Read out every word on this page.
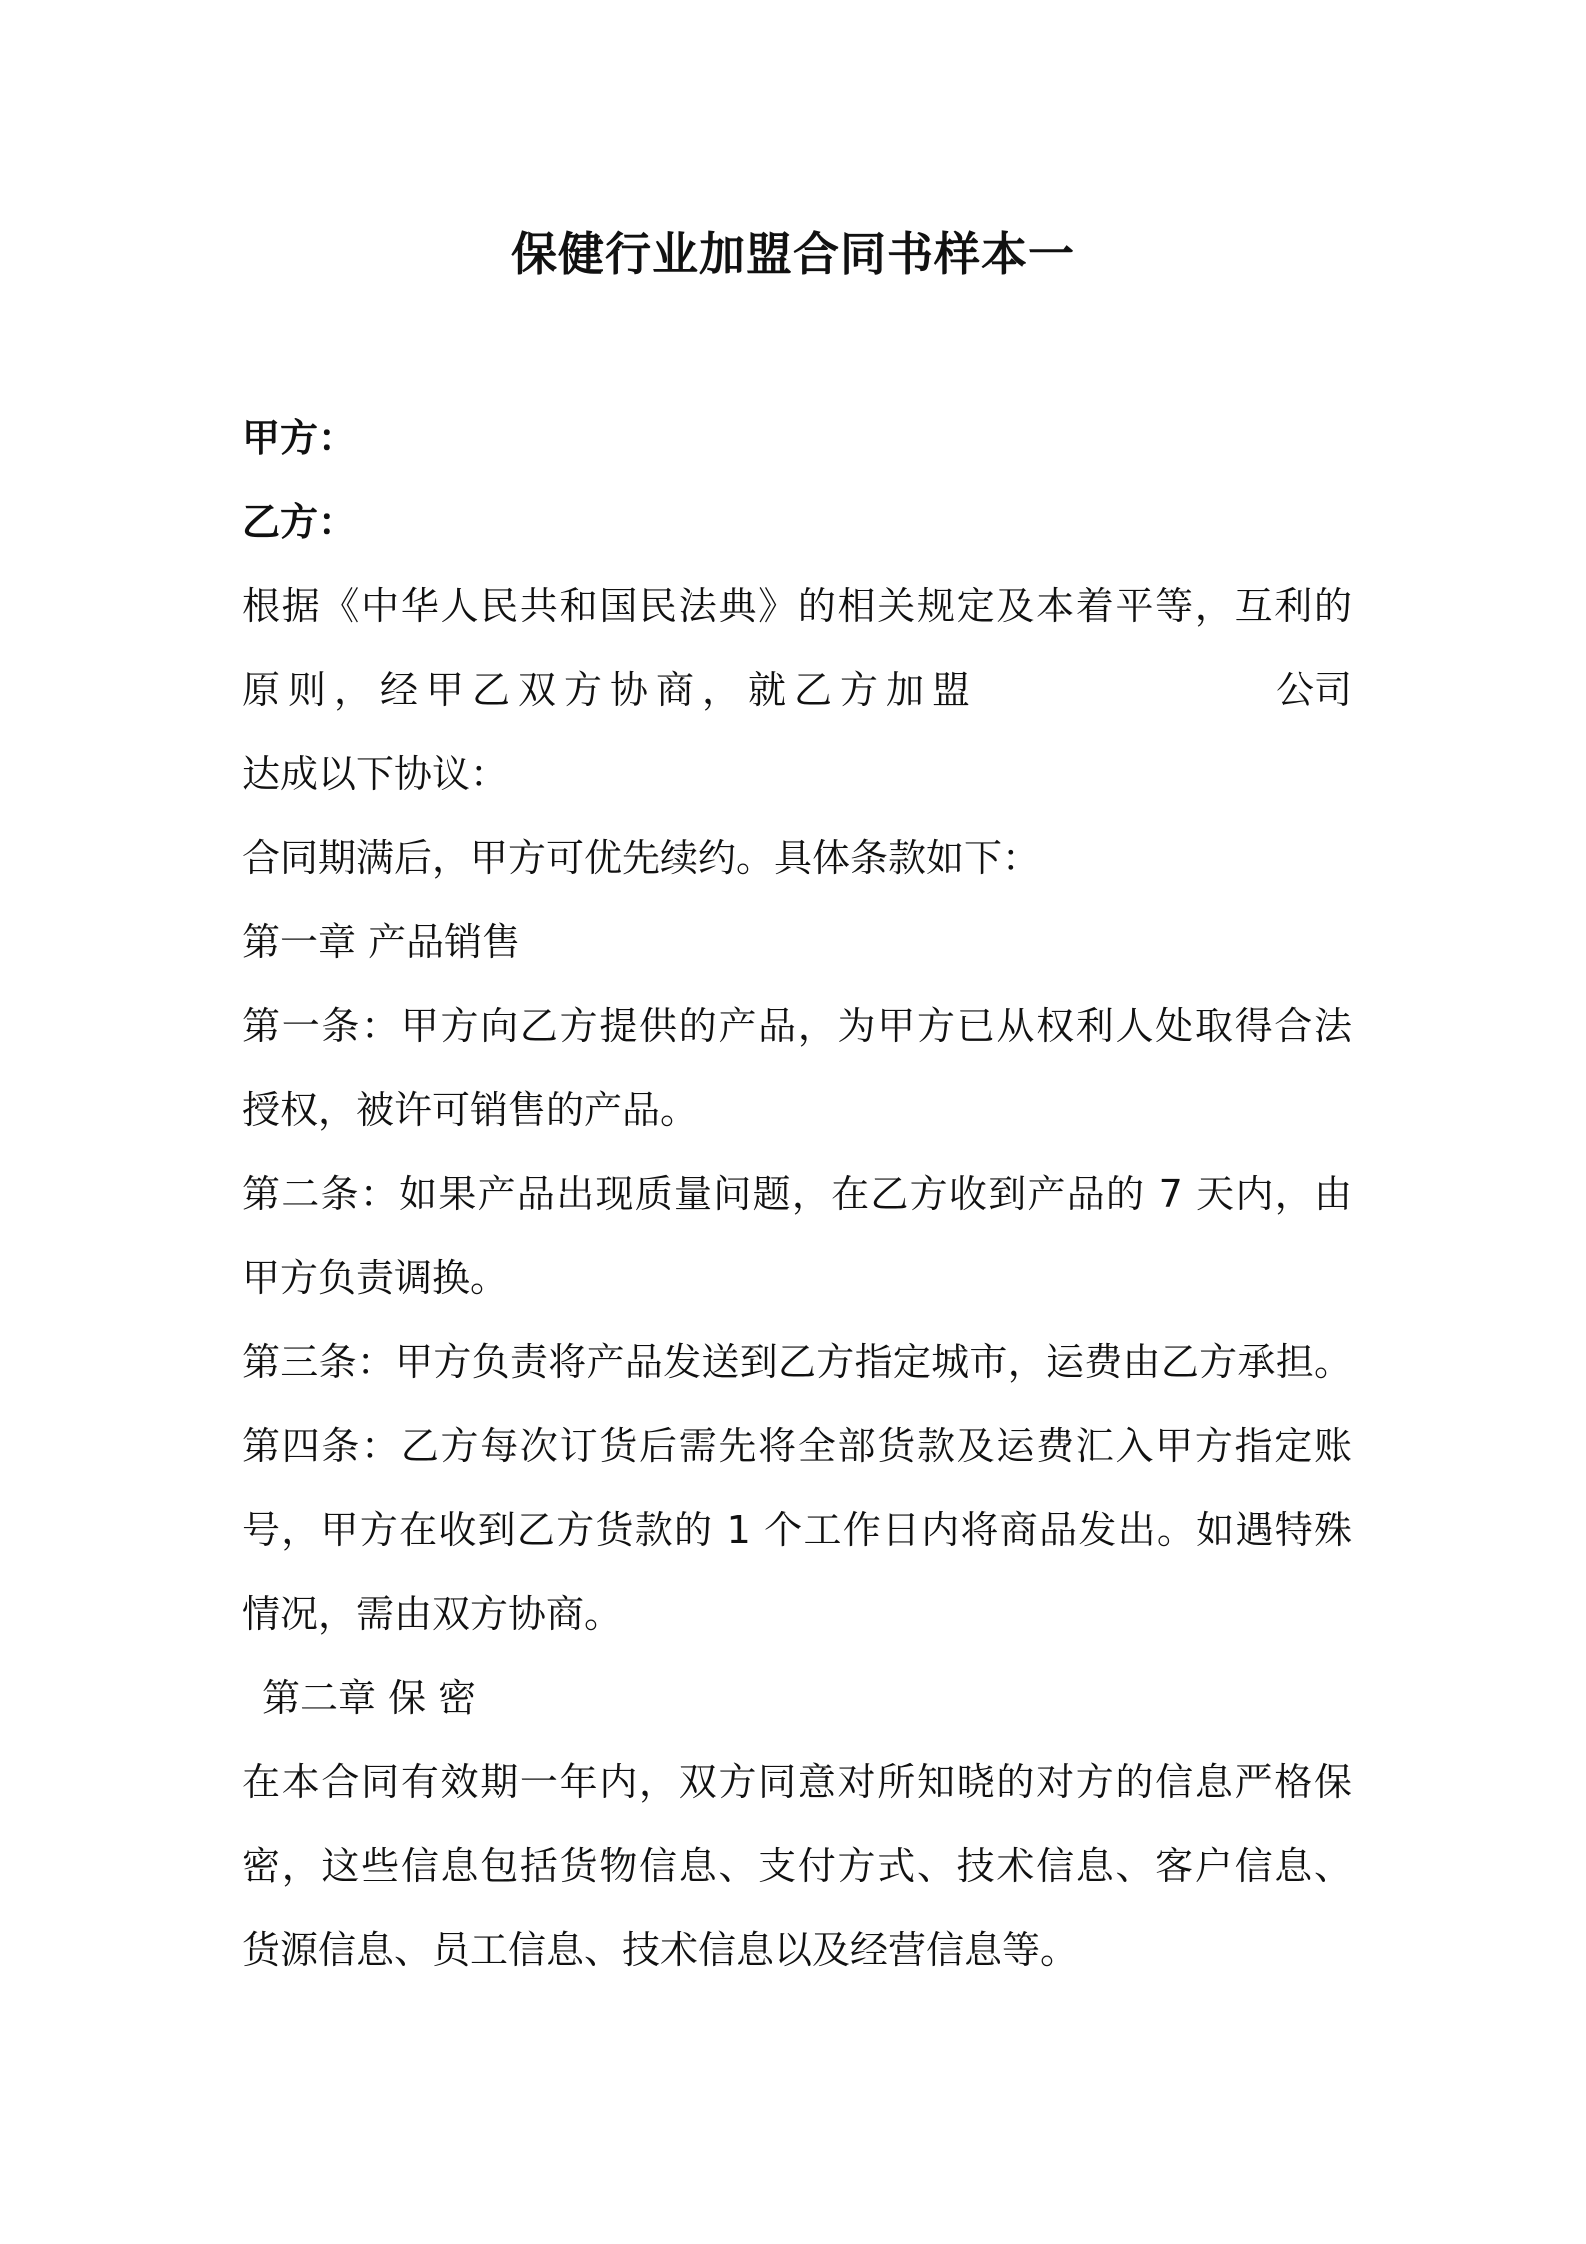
保健行业加盟合同书样本一
甲方：
乙方：
根据《中华人民共和国民法典》的相关规定及本着平等，互利的
原则，经甲乙双方协商，就乙方加盟	公司
达成以下协议：
合同期满后，甲方可优先续约。具体条款如下：
第一章 产品销售
第一条：甲方向乙方提供的产品，为甲方已从权利人处取得合法
授权，被许可销售的产品。
第二条：如果产品出现质量问题，在乙方收到产品的 7 天内，由
甲方负责调换。
第三条：甲方负责将产品发送到乙方指定城市，运费由乙方承担。
第四条：乙方每次订货后需先将全部货款及运费汇入甲方指定账
号，甲方在收到乙方货款的 1 个工作日内将商品发出。如遇特殊
情况，需由双方协商。
第二章 保 密
在本合同有效期一年内，双方同意对所知晓的对方的信息严格保
密，这些信息包括货物信息、支付方式、技术信息、客户信息、
货源信息、员工信息、技术信息以及经营信息等。
